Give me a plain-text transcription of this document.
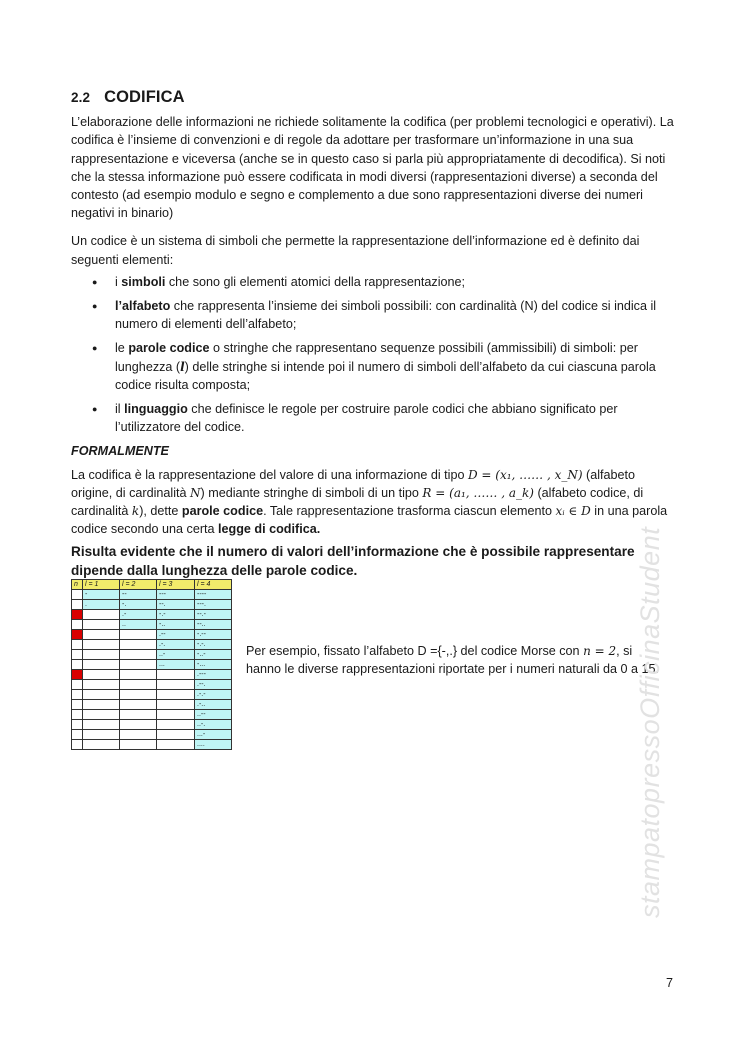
2.2 CODIFICA

L’elaborazione delle informazioni ne richiede solitamente la codifica (per problemi tecnologici e operativi). La codifica è l’insieme di convenzioni e di regole da adottare per trasformare un’informazione in una sua rappresentazione e viceversa (anche se in questo caso si parla più appropriatamente di decodifica). Si noti che la stessa informazione può essere codificata in modi diversi (rappresentazioni diverse) a seconda del contesto (ad esempio modulo e segno e complemento a due sono rappresentazioni diverse dei numeri negativi in binario)

Un codice è un sistema di simboli che permette la rappresentazione dell’informazione ed è definito dai seguenti elementi:

● i simboli che sono gli elementi atomici della rappresentazione;
● l’alfabeto che rappresenta l’insieme dei simboli possibili: con cardinalità (N) del codice si indica il numero di elementi dell’alfabeto;
● le parole codice o stringhe che rappresentano sequenze possibili (ammissibili) di simboli: per lunghezza (l) delle stringhe si intende poi il numero di simboli dell’alfabeto da cui ciascuna parola codice risulta composta;
● il linguaggio che definisce le regole per costruire parole codici che abbiano significato per l’utilizzatore del codice.

FORMALMENTE

La codifica è la rappresentazione del valore di una informazione di tipo D = (x₁, …… , x_N) (alfabeto origine, di cardinalità N) mediante stringhe di simboli di un tipo R = (a₁, …… , a_k) (alfabeto codice, di cardinalità k), dette parole codice. Tale rappresentazione trasforma ciascun elemento xᵢ ∈ D in una parola codice secondo una certa legge di codifica.

Risulta evidente che il numero di valori dell’informazione che è possibile rappresentare dipende dalla lunghezza delle parole codice.

n	l = 1	l = 2	l = 3	l = 4
	-	--	---	----
	.	-.	--.	---.
		.-	-.-	--.-
		..	-..	--..
			.--	-.--
			.-.	-.-.
			..-	-..-
			...	-...
				.---
				.--.
				.-.-
				.-..
				..--
				..-.
				...-
				....

Per esempio, fissato l’alfabeto D ={-,.} del codice Morse con n = 2, si hanno le diverse rappresentazioni riportate per i numeri naturali da 0 a 15.

stampatopressoOfficinaStudent
7
